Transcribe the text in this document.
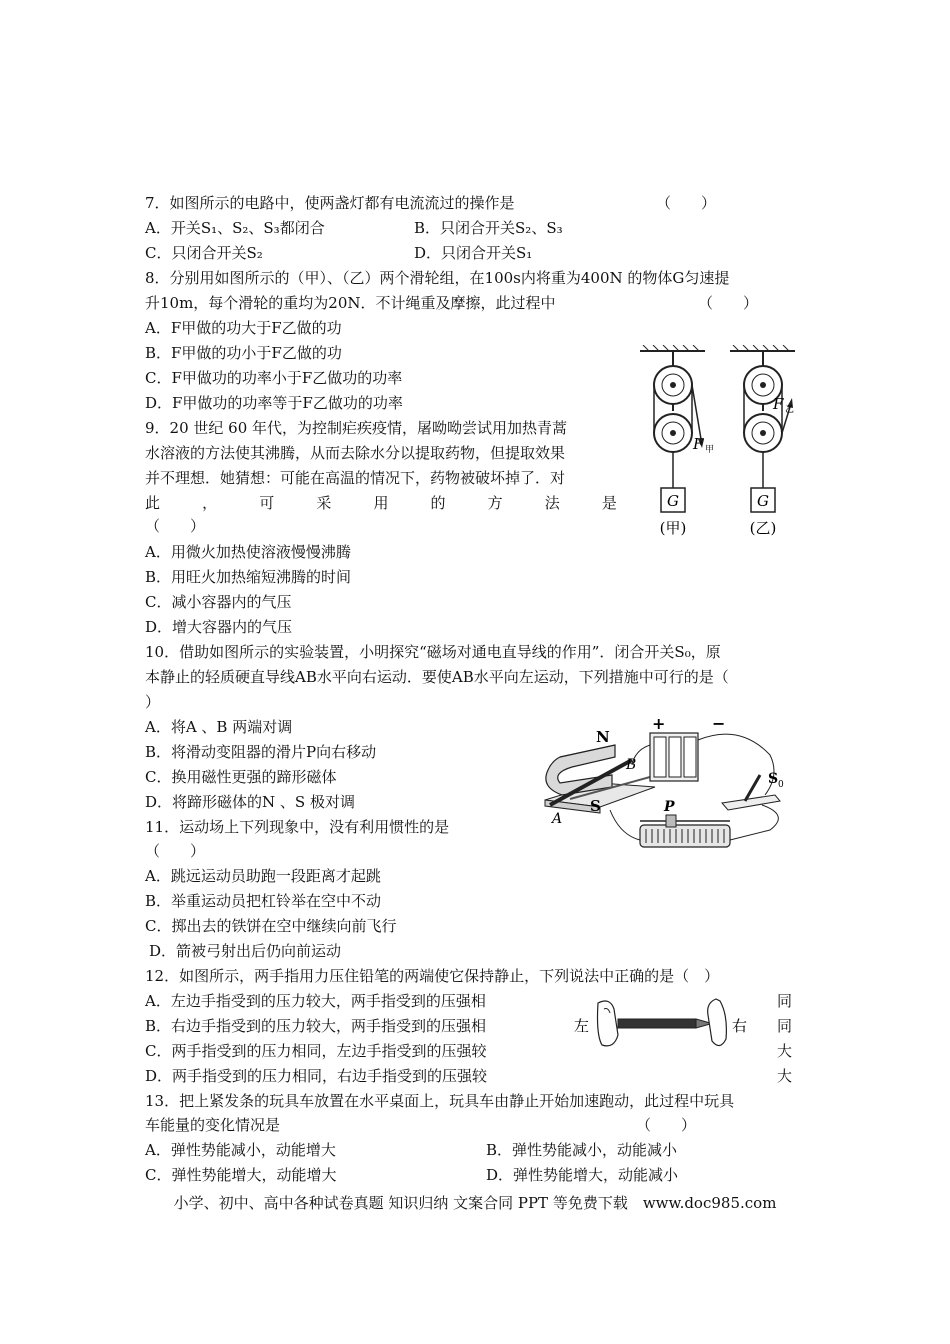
7．如图所示的电路中，使两盏灯都有电流流过的操作是	（　　）
A．开关S₁、S₂、S₃都闭合	B．只闭合开关S₂、S₃
C．只闭合开关S₂	D．只闭合开关S₁
8．分别用如图所示的（甲）、（乙）两个滑轮组，在100s内将重为400N 的物体G匀速提
升10m，每个滑轮的重均为20N．不计绳重及摩擦，此过程中	（　　）
A．F甲做的功大于F乙做的功
B．F甲做的功小于F乙做的功
C．F甲做功的功率小于F乙做功的功率
D．F甲做功的功率等于F乙做功的功率
9．20 世纪 60 年代，为控制疟疾疫情，屠呦呦尝试用加热青蒿
水溶液的方法使其沸腾，从而去除水分以提取药物，但提取效果
并不理想．她猜想：可能在高温的情况下，药物被破坏掉了．对
此	，	可	采	用	的	方	法	是
（　　）
A．用微火加热使溶液慢慢沸腾
B．用旺火加热缩短沸腾的时间
C．减小容器内的气压
D．增大容器内的气压
10．借助如图所示的实验装置，小明探究“磁场对通电直导线的作用”．闭合开关S₀，原
本静止的轻质硬直导线AB水平向右运动．要使AB水平向左运动，下列措施中可行的是（
）
A．将A 、B 两端对调
B．将滑动变阻器的滑片P向右移动
C．换用磁性更强的蹄形磁体
D．将蹄形磁体的N 、S 极对调
11．运动场上下列现象中，没有利用惯性的是
（　　）
A．跳远运动员助跑一段距离才起跳
B．举重运动员把杠铃举在空中不动
C．掷出去的铁饼在空中继续向前飞行
D．箭被弓射出后仍向前运动
12．如图所示，两手指用力压住铅笔的两端使它保持静止，下列说法中正确的是（　）
A．左边手指受到的压力较大，两手指受到的压强相	同
B．右边手指受到的压力较大，两手指受到的压强相	同
C．两手指受到的压力相同，左边手指受到的压强较	大
D．两手指受到的压力相同，右边手指受到的压强较	大
13．把上紧发条的玩具车放置在水平桌面上，玩具车由静止开始加速跑动，此过程中玩具
车能量的变化情况是	（　　）
A．弹性势能减小，动能增大	B．弹性势能减小，动能减小
C．弹性势能增大，动能增大	D．弹性势能增大，动能减小
小学、初中、高中各种试卷真题 知识归纳 文案合同 PPT 等免费下载　www.doc985.com
G
F 甲
(甲)
G
F 乙
(乙)
N
S
A
B
+	−
S 0
P
左	右
